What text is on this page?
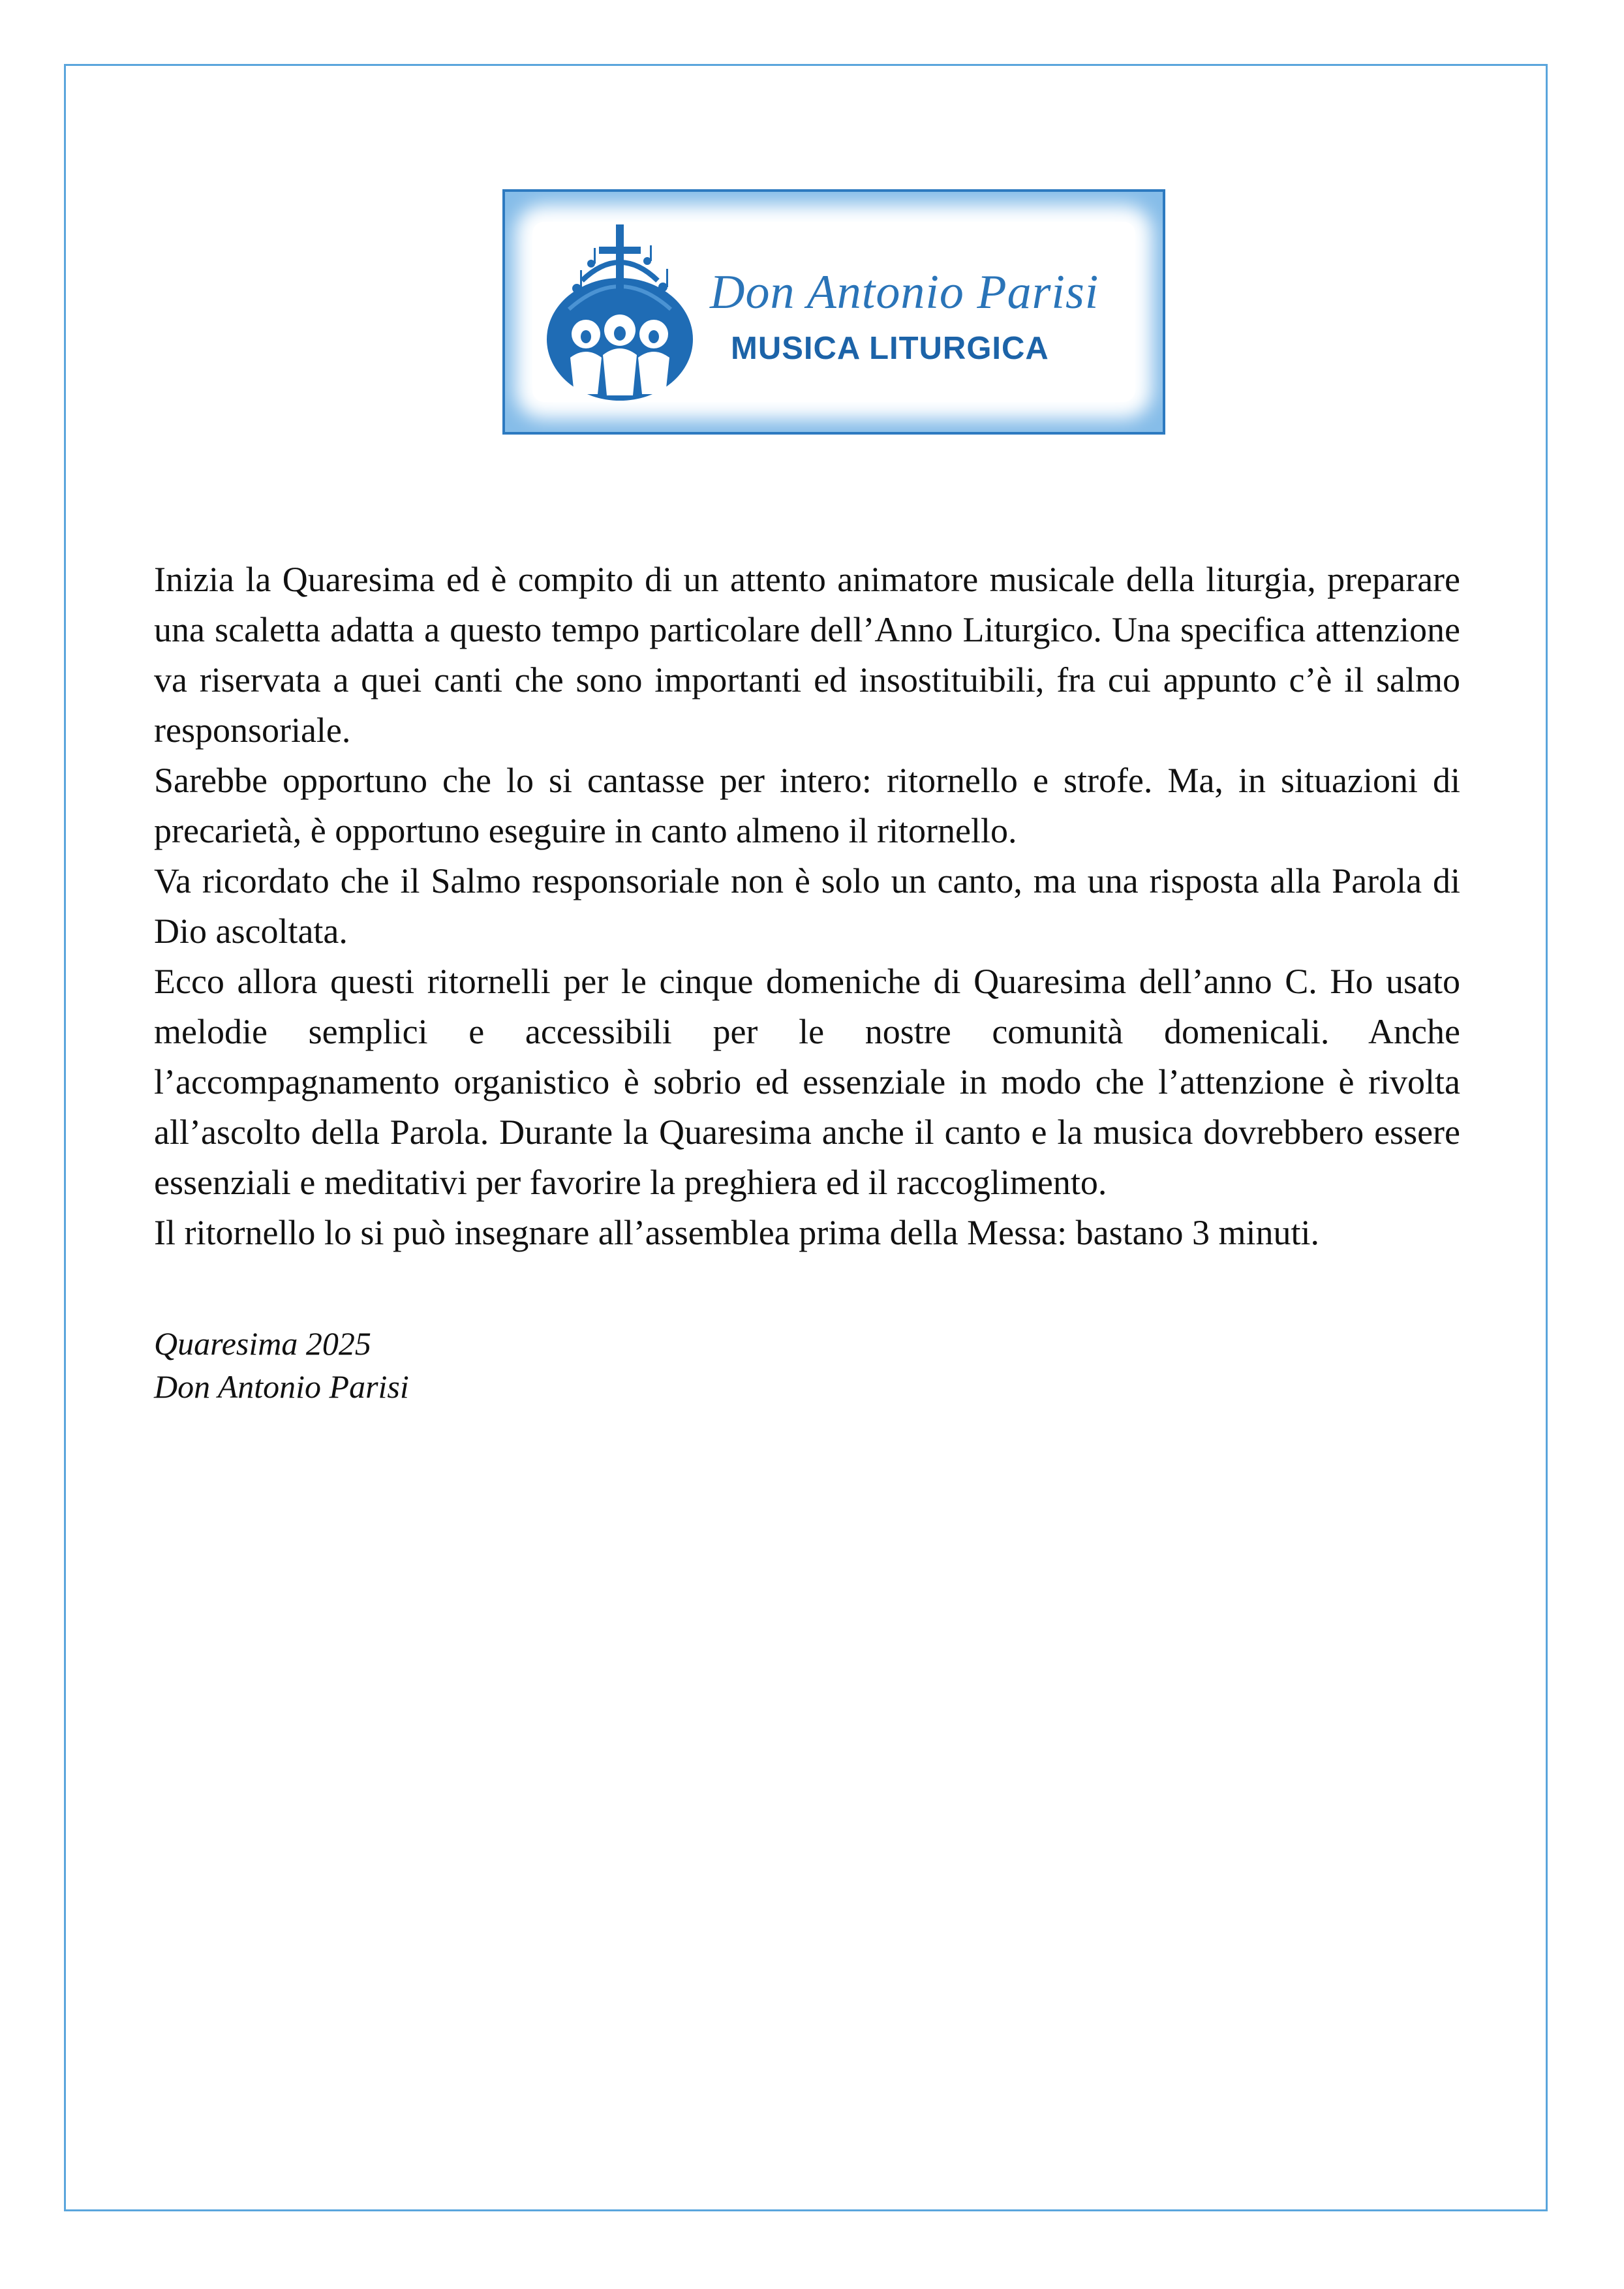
Don Antonio Parisi
MUSICA LITURGICA

Inizia la Quaresima ed è compito di un attento animatore musicale della liturgia, preparare una scaletta adatta a questo tempo particolare dell’Anno Liturgico. Una specifica attenzione va riservata a quei canti che sono importanti ed insostituibili, fra cui appunto c’è il salmo responsoriale.

Sarebbe opportuno che lo si cantasse per intero: ritornello e strofe. Ma, in situazioni di precarietà, è opportuno eseguire in canto almeno il ritornello.

Va ricordato che il Salmo responsoriale non è solo un canto, ma una risposta alla Parola di Dio ascoltata.

Ecco allora questi ritornelli per le cinque domeniche di Quaresima dell’anno C. Ho usato melodie semplici e accessibili per le nostre comunità domenicali. Anche l’accompagnamento organistico è sobrio ed essenziale in modo che l’attenzione è rivolta all’ascolto della Parola. Durante la Quaresima anche il canto e la musica dovrebbero essere essenziali e meditativi per favorire la preghiera ed il raccoglimento.

Il ritornello lo si può insegnare all’assemblea prima della Messa: bastano 3 minuti.

Quaresima 2025
Don Antonio Parisi
